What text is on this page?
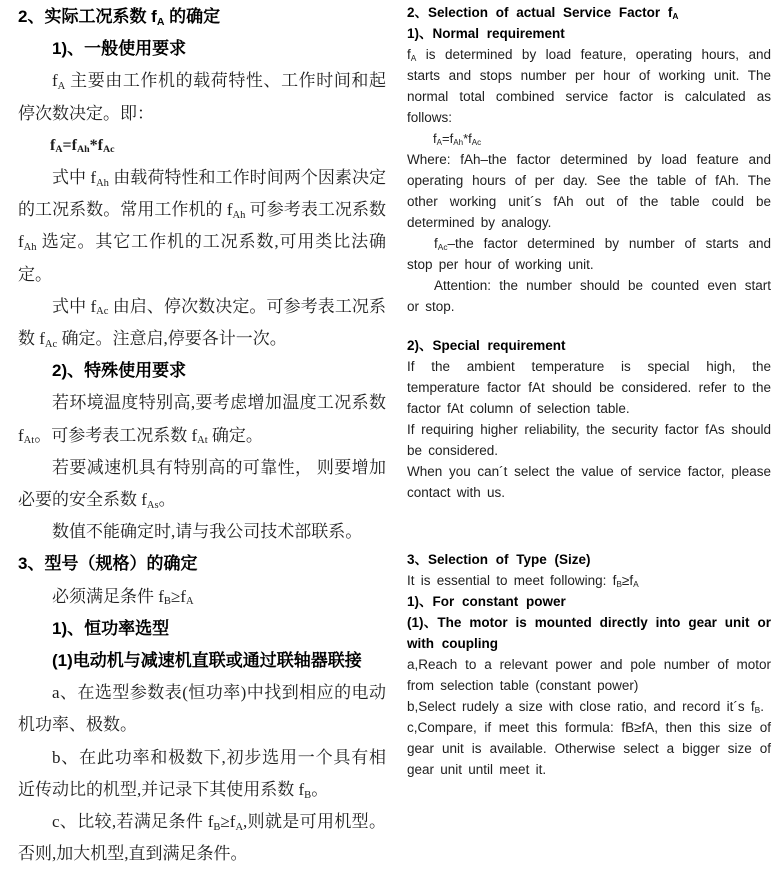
2、实际工况系数 $f_A$ 的确定
1)、一般使用要求
$f_A$ 主要由工作机的载荷特性、工作时间和起停次数决定。即：
$f_A=f_{Ah}*f_{Ac}$
式中 $f_{Ah}$ 由载荷特性和工作时间两个因素决定的工况系数。常用工作机的 $f_{Ah}$ 可参考表工况系数 $f_{Ah}$ 选定。其它工作机的工况系数,可用类比法确定。
式中 $f_{Ac}$ 由启、停次数决定。可参考表工况系数 $f_{Ac}$ 确定。注意启,停要各计一次。
2)、特殊使用要求
若环境温度特别高,要考虑增加温度工况系数 $f_{At}$。可参考表工况系数 $f_{At}$ 确定。
若要减速机具有特别高的可靠性， 则要增加必要的安全系数 $f_{As}$。
数值不能确定时,请与我公司技术部联系。
3、型号（规格）的确定
必须满足条件 $f_B\ge f_A$
1)、恒功率选型
(1)电动机与减速机直联或通过联轴器联接
a、在选型参数表(恒功率)中找到相应的电动机功率、极数。
b、在此功率和极数下,初步选用一个具有相近传动比的机型,并记录下其使用系数 $f_B$。
c、比较,若满足条件 $f_B\ge f_A$,则就是可用机型。否则,加大机型,直到满足条件。
2、Selection of actual Service Factor $f_A$
1)、Normal requirement
$f_A$ is determined by load feature, operating hours, and starts and stops number per hour of working unit. The normal total combined service factor is calculated as follows:
$f_A=f_{Ah}*f_{Ac}$
Where: fAh–the factor determined by load feature and operating hours of per day. See the table of fAh. The other working unit´s fAh out of the table could be determined by analogy.
$f_{Ac}$–the factor determined by number of starts and stop per hour of working unit.
Attention: the number should be counted even start or stop.
2)、Special requirement
If the ambient temperature is special high, the temperature factor fAt should be considered. refer to the factor fAt column of selection table.
If requiring higher reliability, the security factor fAs should be considered.
When you can´t select the value of service factor, please contact with us.
3、Selection of Type (Size)
It is essential to meet following: $f_B\ge f_A$
1)、For constant power
(1)、The motor is mounted directly into gear unit or with coupling
a,Reach to a relevant power and pole number of motor from selection table (constant power)
b,Select rudely a size with close ratio, and record it´s $f_B$.
c,Compare, if meet this formula: fB≥fA, then this size of gear unit is available. Otherwise select a bigger size of gear unit until meet it.
